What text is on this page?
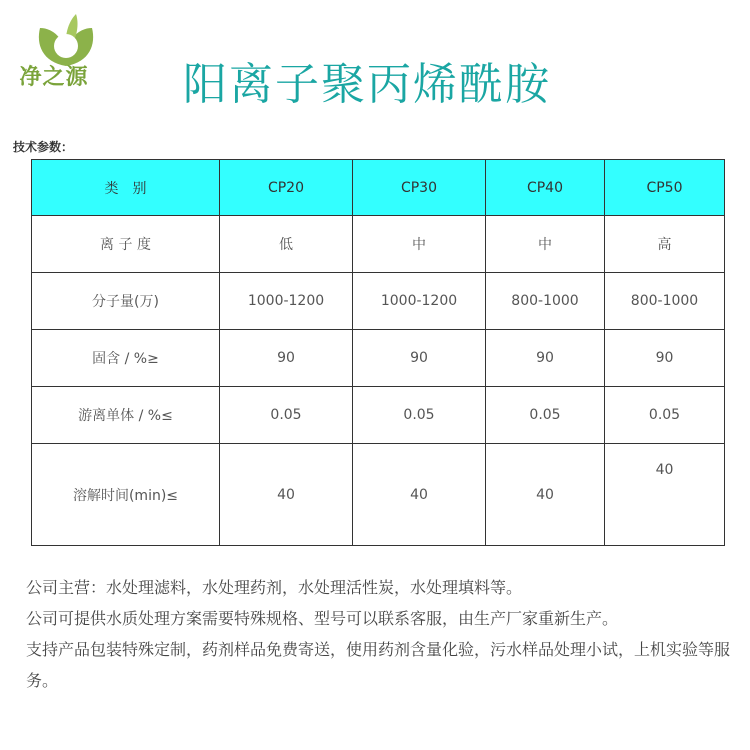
净之源	阳离子聚丙烯酰胺
技术参数：
类　别	CP20	CP30	CP40	CP50
离 子 度	低	中	中	高
分子量(万)	1000-1200	1000-1200	800-1000	800-1000
固含 / %≥	90	90	90	90
游离单体 / %≤	0.05	0.05	0.05	0.05
溶解时间(min)≤	40	40	40	40

公司主营：水处理滤料，水处理药剂，水处理活性炭，水处理填料等。

公司可提供水质处理方案需要特殊规格、型号可以联系客服，由生产厂家重新生产。

支持产品包装特殊定制，药剂样品免费寄送，使用药剂含量化验，污水样品处理小试，上机实验等服务。
